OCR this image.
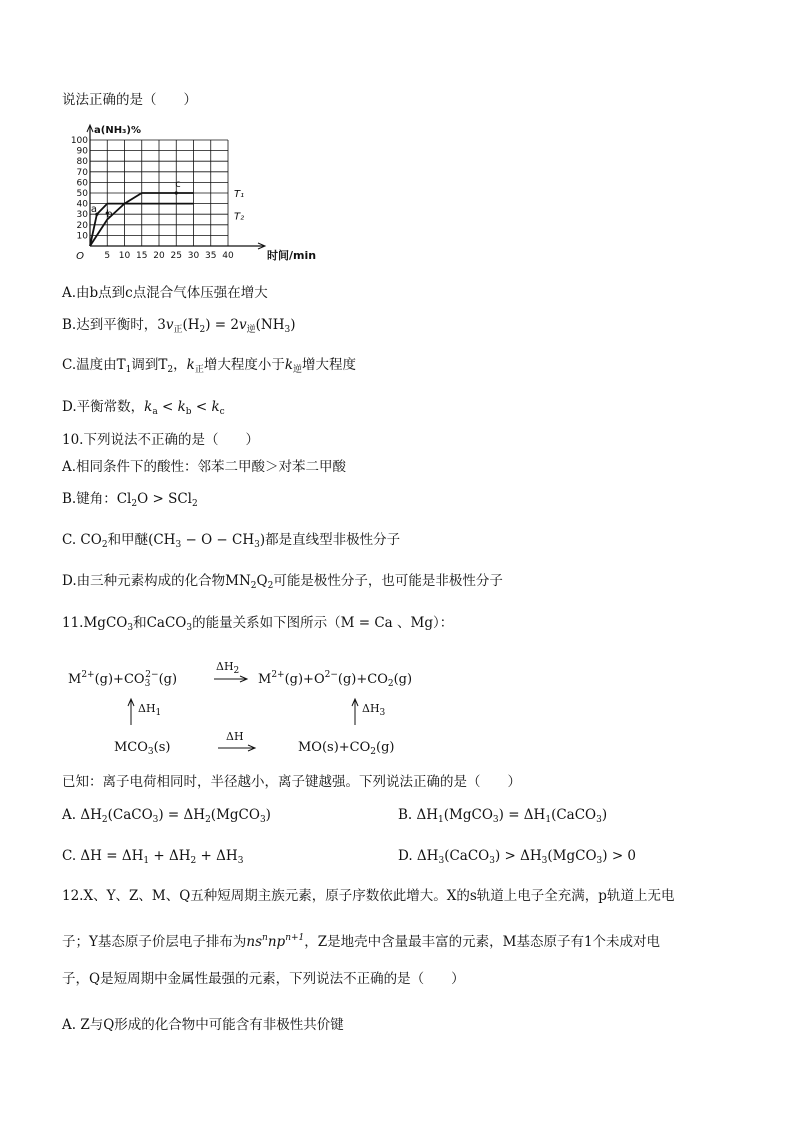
说法正确的是（　　）
10
20
30
40
50
60
70
80
90
100
5 10 15 20 25 30 35 40
O	时间/min
a(NH₃)%
T₁
T₂
a b
c
A.由b点到c点混合气体压强在增大
B.达到平衡时，$3v_正(H_2) = 2v_逆(NH_3)$
C.温度由$T_1$调到$T_2$，$k_正$增大程度小于$k_逆$增大程度
D.平衡常数，$k_a < k_b < k_c$
10.下列说法不正确的是（　　）
A.相同条件下的酸性：邻苯二甲酸＞对苯二甲酸
B.键角：$Cl_2O > SCl_2$
C. $CO_2$和甲醚$(CH_3 - O - CH_3)$都是直线型非极性分子
D.由三种元素构成的化合物$MN_2Q_2$可能是极性分子，也可能是非极性分子
11.MgCO$_3$和CaCO$_3$的能量关系如下图所示（M = Ca 、Mg）：
$M^{2+}(g)+CO_3^{2-}(g)$
$\Delta H_2$
$M^{2+}(g)+O^{2-}(g)+CO_2(g)$
$\Delta H_1$	$\Delta H_3$
$MCO_3(s)$
ΔH
$MO(s)+CO_2(g)$
已知：离子电荷相同时，半径越小，离子键越强。下列说法正确的是（　　）
A. $\Delta H_2(CaCO_3)$ = $\Delta H_2(MgCO_3)$	B. $\Delta H_1(MgCO_3)$ = $\Delta H_1(CaCO_3)$
C. $\Delta H = \Delta H_1 + \Delta H_2 + \Delta H_3$	D. $\Delta H_3(CaCO_3)$ > $\Delta H_3(MgCO_3) > 0$
12.X、Y、Z、M、Q五种短周期主族元素，原子序数依此增大。X的s轨道上电子全充满，p轨道上无电
子；Y基态原子价层电子排布为$ns^nnp^{n+1}$，Z是地壳中含量最丰富的元素，M基态原子有1个未成对电
子，Q是短周期中金属性最强的元素，下列说法不正确的是（　　）
A. Z与Q形成的化合物中可能含有非极性共价键
